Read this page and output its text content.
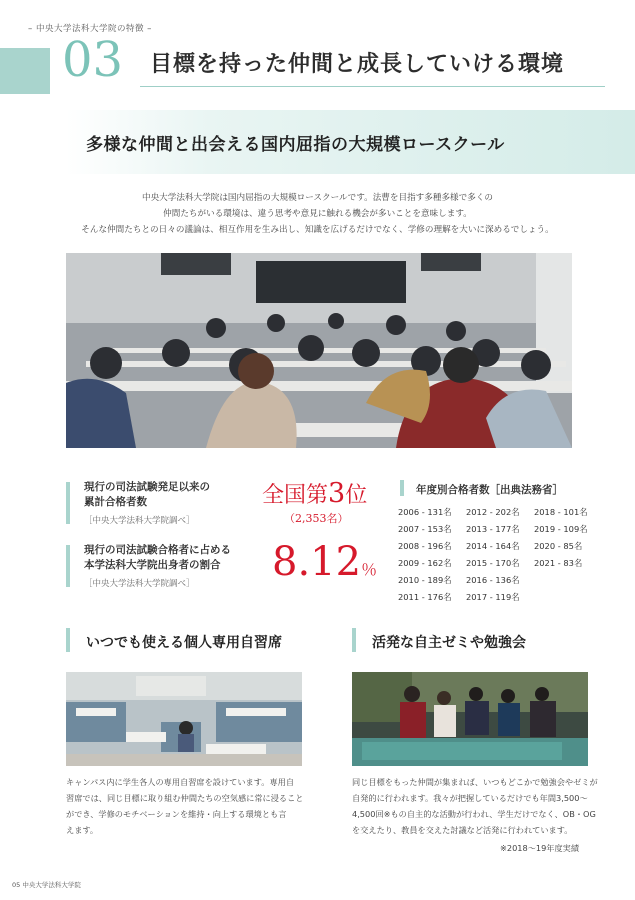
– 中央大学法科大学院の特徴 –
03 目標を持った仲間と成長していける環境
多様な仲間と出会える国内屈指の大規模ロースクール
中央大学法科大学院は国内屈指の大規模ロースクールです。法曹を目指す多種多様で多くの
仲間たちがいる環境は、違う思考や意見に触れる機会が多いことを意味します。
そんな仲間たちとの日々の議論は、相互作用を生み出し、知識を広げるだけでなく、学修の理解を大いに深めるでしょう。
現行の司法試験発足以来の
累計合格者数
［中央大学法科大学院調べ］
全国第3位
（2,353名）
現行の司法試験合格者に占める
本学法科大学院出身者の割合
［中央大学法科大学院調べ］	8.12％
年度別合格者数［出典法務省］
2006 - 131名	2012 - 202名	2018 - 101名
2007 - 153名	2013 - 177名	2019 - 109名
2008 - 196名	2014 - 164名	2020 - 85名
2009 - 162名	2015 - 170名	2021 - 83名
2010 - 189名	2016 - 136名
2011 - 176名	2017 - 119名
いつでも使える個人専用自習席
キャンパス内に学生各人の専用自習席を設けています。専用自
習席では、同じ目標に取り組む仲間たちの空気感に常に浸ること
ができ、学修のモチベーションを維持・向上する環境とも言
えます。
活発な自主ゼミや勉強会
同じ目標をもった仲間が集まれば、いつもどこかで勉強会やゼミが
自発的に行われます。我々が把握しているだけでも年間3,500～
4,500回※もの自主的な活動が行われ、学生だけでなく、OB・OG
を交えたり、教員を交えた討議など活発に行われています。
※2018～19年度実績
05 中央大学法科大学院
